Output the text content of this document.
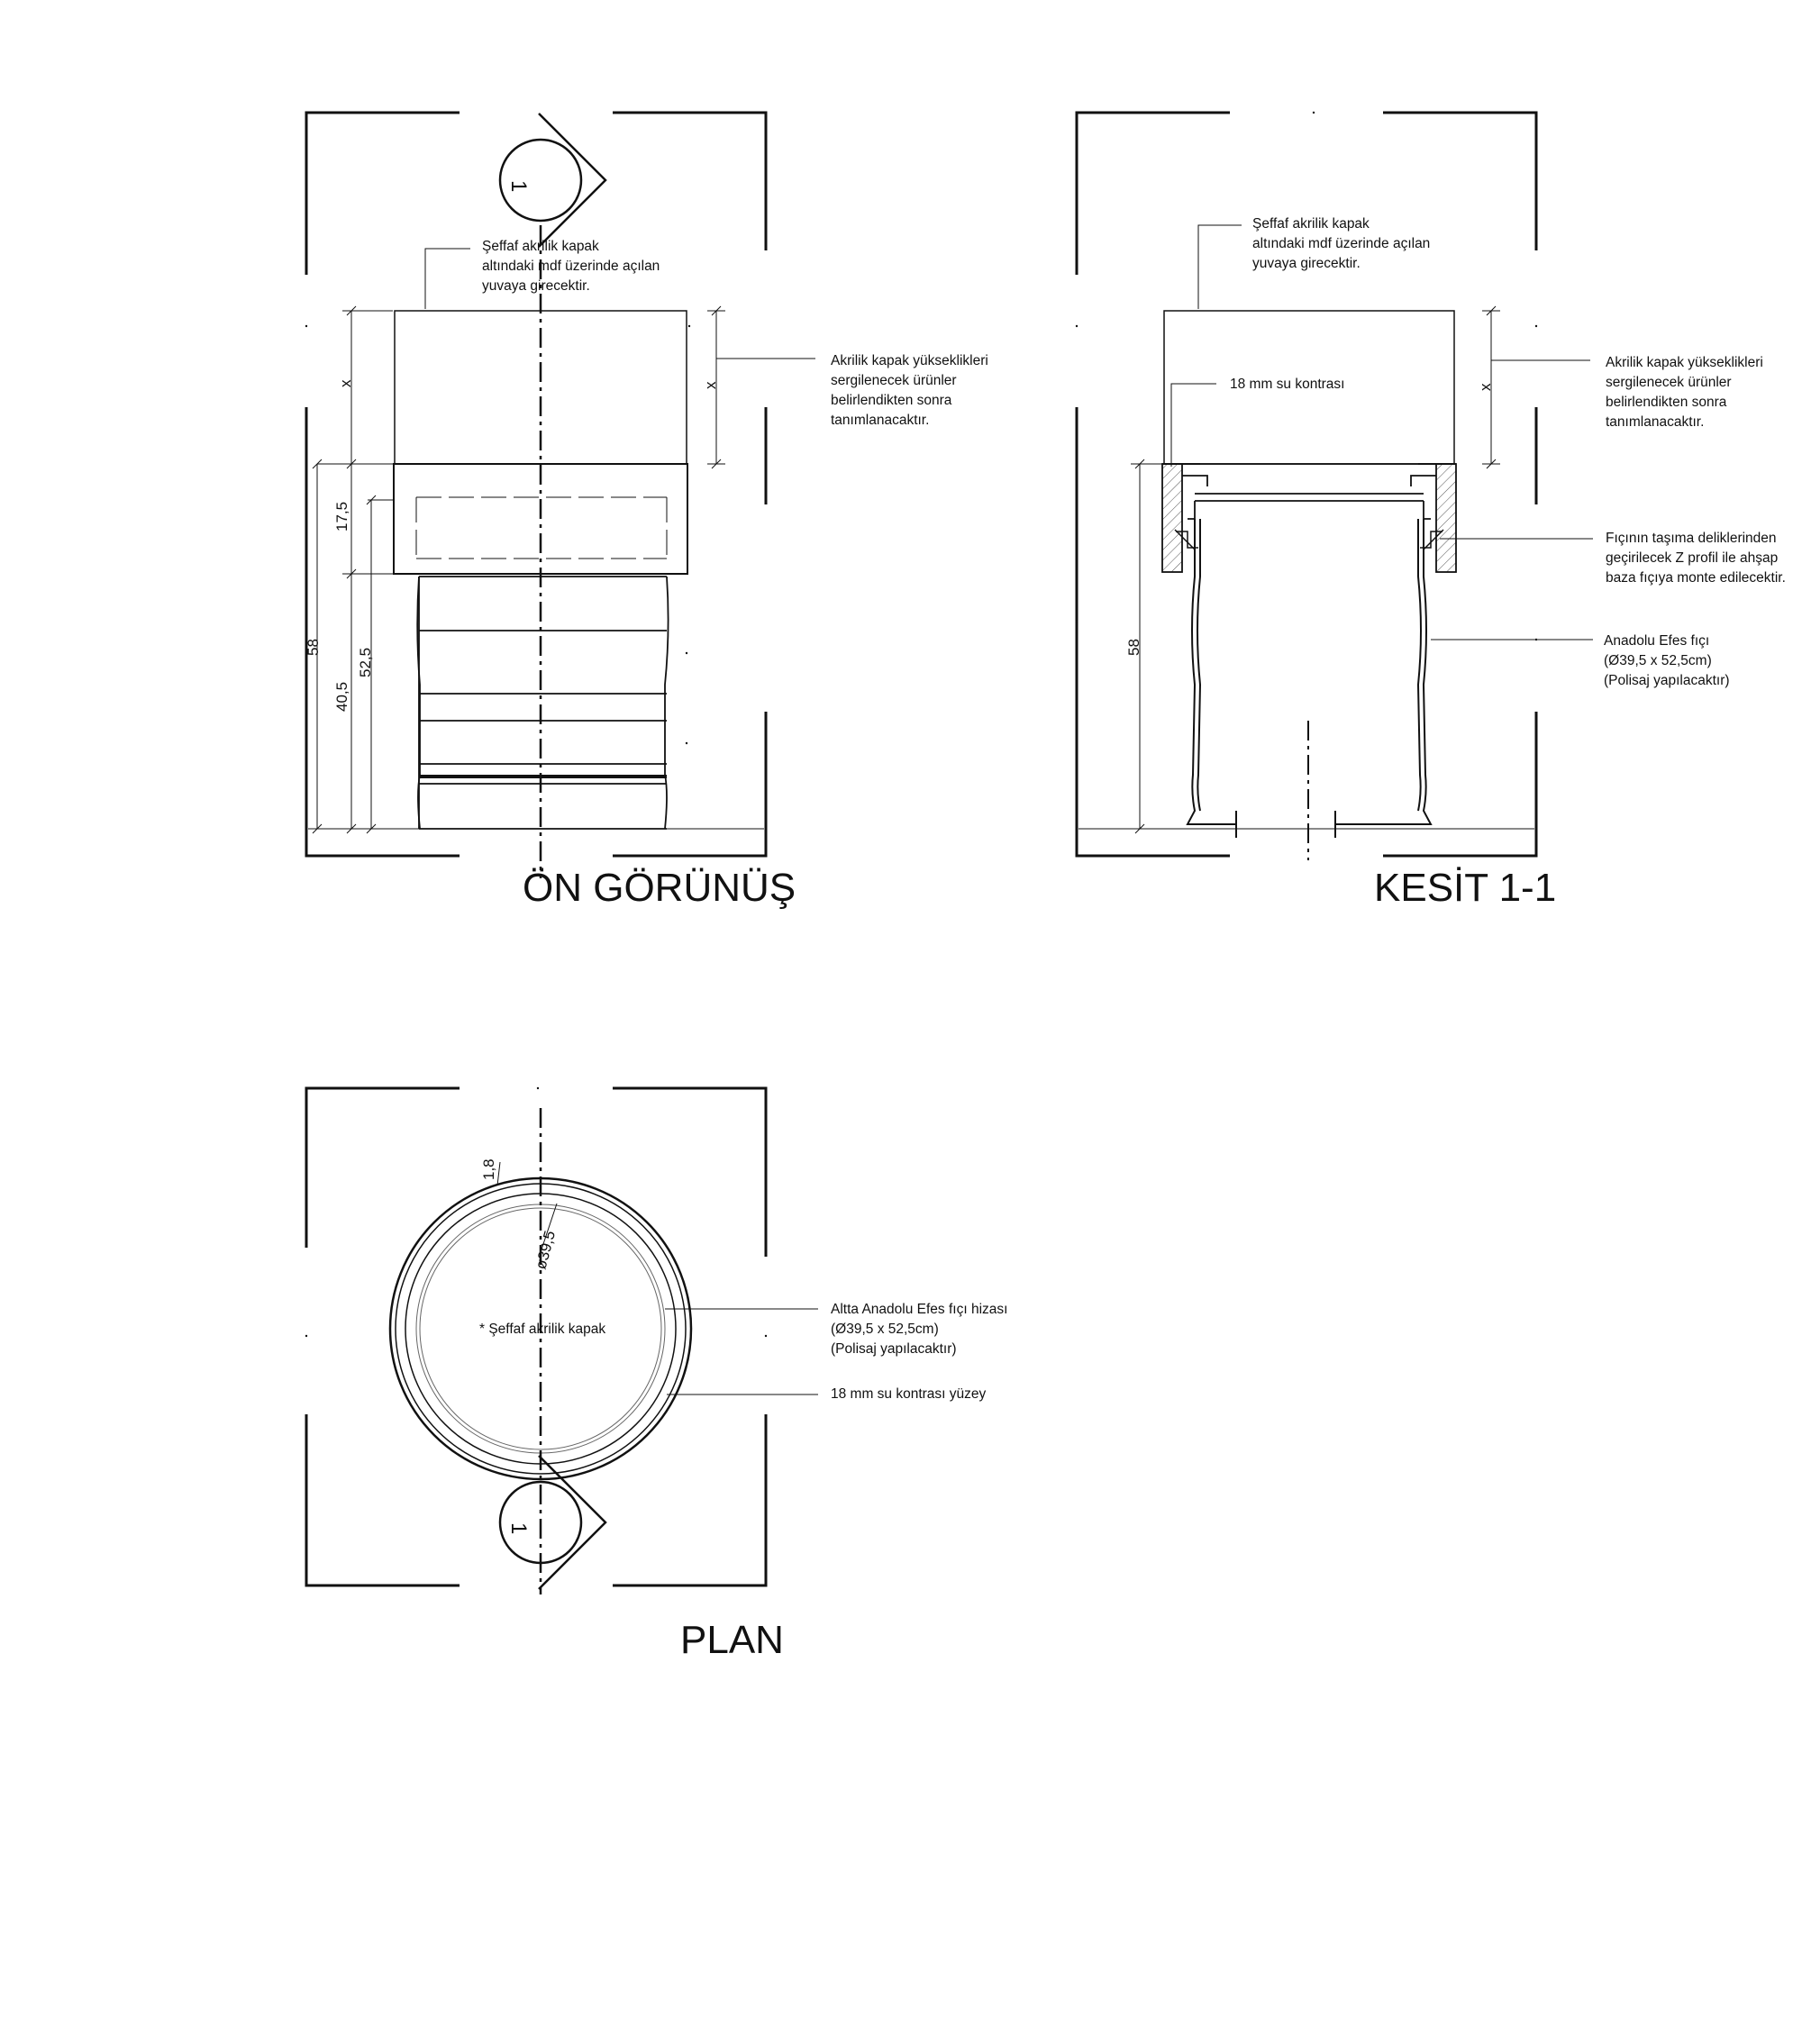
1
x
17,5
58
52,5
40,5
x
Şeffaf akrilik kapak altındaki mdf üzerinde açılan yuvaya girecektir.
Akrilik kapak yükseklikleri sergilenecek ürünler belirlendikten sonra tanımlanacaktır.
ÖN GÖRÜNÜŞ
58
x
Şeffaf akrilik kapak altındaki mdf üzerinde açılan yuvaya girecektir.
18 mm su kontrası
Akrilik kapak yükseklikleri sergilenecek ürünler belirlendikten sonra tanımlanacaktır.
Fıçının taşıma deliklerinden geçirilecek Z profil ile ahşap baza fıçıya monte edilecektir.
Anadolu Efes fıçı (Ø39,5 x 52,5cm) (Polisaj yapılacaktır)
KESİT 1-1
1
1,8
ø39,5
* Şeffaf akrilik kapak
Altta Anadolu Efes fıçı hizası (Ø39,5 x 52,5cm) (Polisaj yapılacaktır)
18 mm su kontrası yüzey
PLAN
